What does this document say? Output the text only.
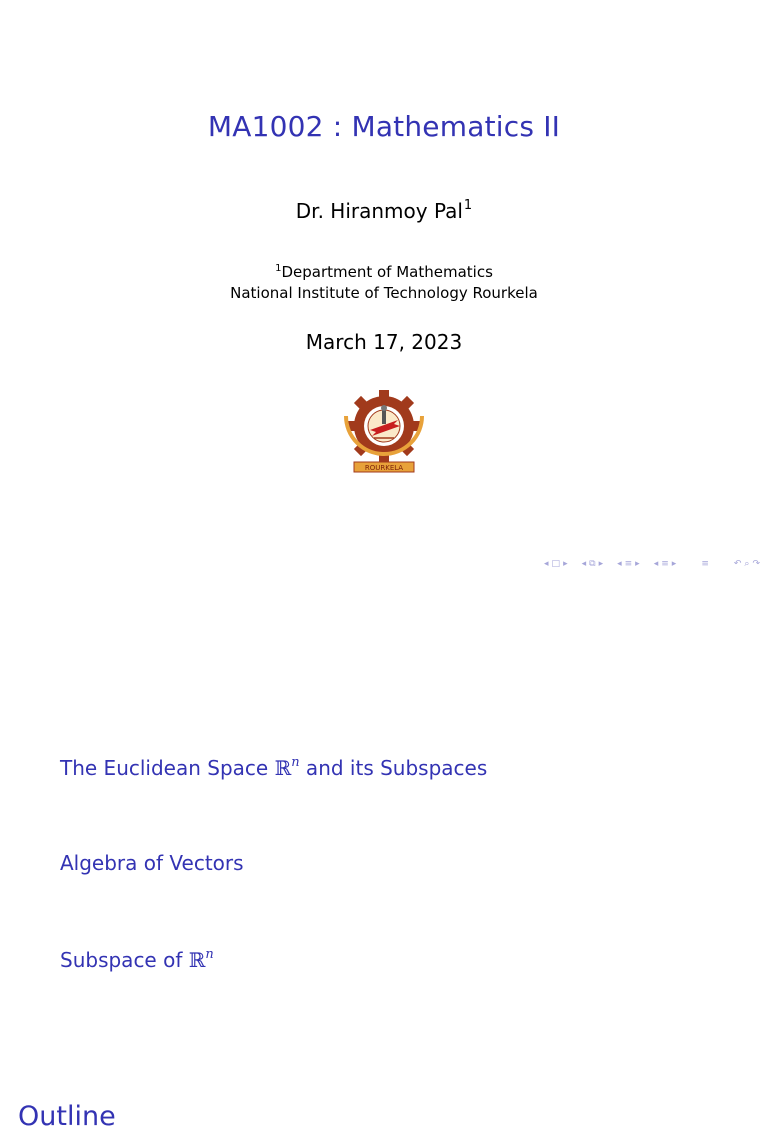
MA1002 : Mathematics II
Dr. Hiranmoy Pal$^1$
$^1$Department of Mathematics
National Institute of Technology Rourkela
March 17, 2023
ROURKELA
Outline
The Euclidean Space ℝ$^n$ and its Subspaces
Algebra of Vectors
Subspace of ℝ$^n$
◂ □ ▸ ◂ ⧉ ▸ ◂ ≡ ▸ ◂ ≡ ▸	≡	↶ ⌕ ↷
